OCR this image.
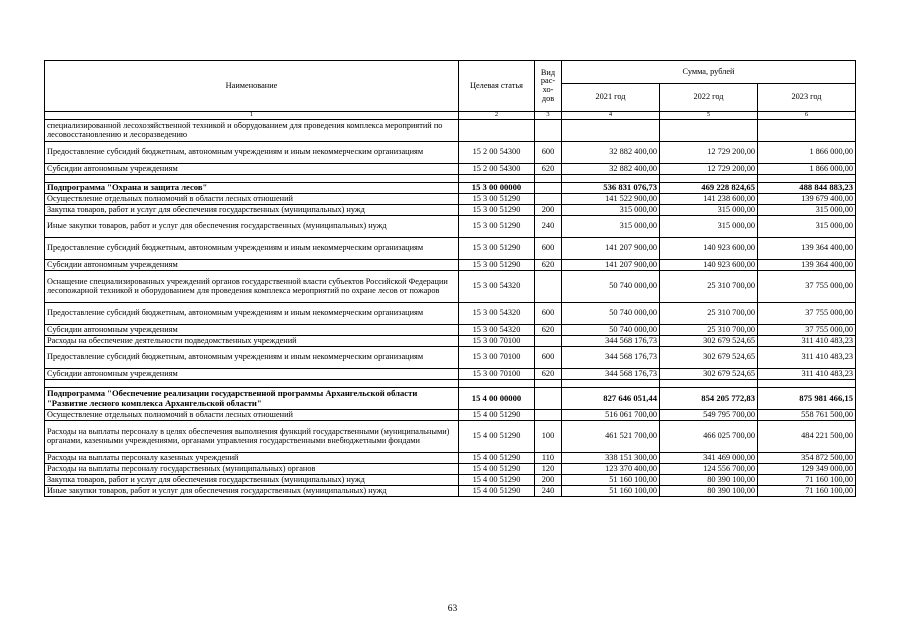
Наименование	Целевая статья	Вид рас-хо-дов	Сумма, рублей		
			2021 год	2022 год	2023 год
1	2	3	4	5	6
специализированной лесохозяйственной техникой и оборудованием для проведения комплекса мероприятий по лесовосстановлению и лесоразведению					
Предоставление субсидий бюджетным, автономным учреждениям и иным некоммерческим организациям	15 2 00 54300	600	32 882 400,00	12 729 200,00	1 866 000,00
Субсидии автономным учреждениям	15 2 00 54300	620	32 882 400,00	12 729 200,00	1 866 000,00

Подпрограмма "Охрана и защита лесов"	15 3 00 00000		536 831 076,73	469 228 824,65	488 844 883,23
Осуществление отдельных полномочий в области лесных отношений	15 3 00 51290		141 522 900,00	141 238 600,00	139 679 400,00
Закупка товаров, работ и услуг для обеспечения государственных (муниципальных) нужд	15 3 00 51290	200	315 000,00	315 000,00	315 000,00
Иные закупки товаров, работ и услуг для обеспечения государственных (муниципальных) нужд	15 3 00 51290	240	315 000,00	315 000,00	315 000,00
Предоставление субсидий бюджетным, автономным учреждениям и иным некоммерческим организациям	15 3 00 51290	600	141 207 900,00	140 923 600,00	139 364 400,00
Субсидии автономным учреждениям	15 3 00 51290	620	141 207 900,00	140 923 600,00	139 364 400,00
Оснащение специализированных учреждений органов государственной власти субъектов Российской Федерации лесопожарной техникой и оборудованием для проведения комплекса мероприятий по охране лесов от пожаров	15 3 00 54320		50 740 000,00	25 310 700,00	37 755 000,00
Предоставление субсидий бюджетным, автономным учреждениям и иным некоммерческим организациям	15 3 00 54320	600	50 740 000,00	25 310 700,00	37 755 000,00
Субсидии автономным учреждениям	15 3 00 54320	620	50 740 000,00	25 310 700,00	37 755 000,00
Расходы на обеспечение деятельности подведомственных учреждений	15 3 00 70100		344 568 176,73	302 679 524,65	311 410 483,23
Предоставление субсидий бюджетным, автономным учреждениям и иным некоммерческим организациям	15 3 00 70100	600	344 568 176,73	302 679 524,65	311 410 483,23
Субсидии автономным учреждениям	15 3 00 70100	620	344 568 176,73	302 679 524,65	311 410 483,23

Подпрограмма "Обеспечение реализации государственной программы Архангельской области "Развитие лесного комплекса Архангельской области"	15 4 00 00000		827 646 051,44	854 205 772,83	875 981 466,15
Осуществление отдельных полномочий в области лесных отношений	15 4 00 51290		516 061 700,00	549 795 700,00	558 761 500,00
Расходы на выплаты персоналу в целях обеспечения выполнения функций государственными (муниципальными) органами, казенными учреждениями, органами управления государственными внебюджетными фондами	15 4 00 51290	100	461 521 700,00	466 025 700,00	484 221 500,00
Расходы на выплаты персоналу казенных учреждений	15 4 00 51290	110	338 151 300,00	341 469 000,00	354 872 500,00
Расходы на выплаты персоналу государственных (муниципальных) органов	15 4 00 51290	120	123 370 400,00	124 556 700,00	129 349 000,00
Закупка товаров, работ и услуг для обеспечения государственных (муниципальных) нужд	15 4 00 51290	200	51 160 100,00	80 390 100,00	71 160 100,00
Иные закупки товаров, работ и услуг для обеспечения государственных (муниципальных) нужд	15 4 00 51290	240	51 160 100,00	80 390 100,00	71 160 100,00
63
